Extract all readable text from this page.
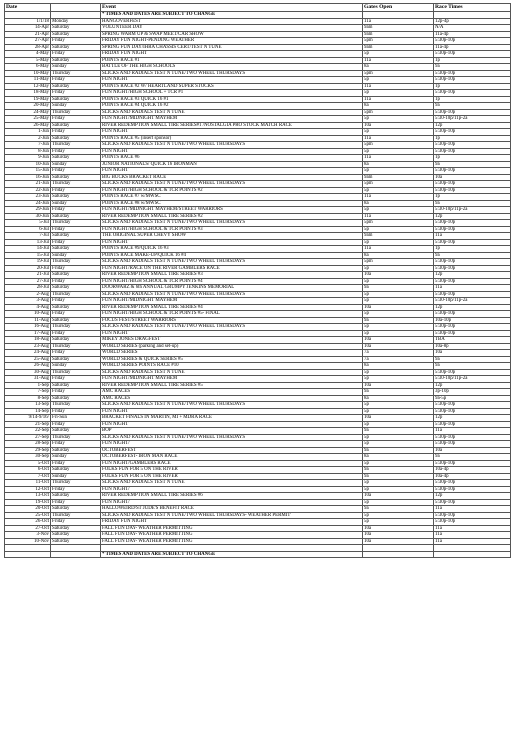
Date		Event	Gates Open	Race Times
		* TIMES AND DATES ARE SUBJECT TO CHANGE		
1/1/18	Monday	HANGOVERFEST	11a	12p-4p
14-Apr	Saturday	VOLUNTEER DAY	9am	N/A
21-Apr	Saturday	SPRING WARM UP & SWAP MEET/CAR SHOW	9am	11a-4p
27-Apr	Friday	FRIDAY FUN NIGHT-PENDING WEATHER	5pm	5:30p-10p
28-Apr	Saturday	SPRING FUN DAY/IHRA CHASSIS CERT/TEST N TUNE	9am	11a-4p
4-May	Friday	FRIDAY FUN NIGHT	5p	5:30p-10p
5-May	Saturday	POINTS RACE #1	11a	1p
6-May	Sunday	BATTLE OF THE HIGH SCHOOLS	8a	9a
10-May	Thursday	SLICKS AND RADIALS TEST N TUNE/TWO WHEEL THURSDAYS	5pm	5:30p-10p
11-May	Friday	FUN NIGHT	5p	5:30p-10p
12-May	Saturday	POINTS RACE #2 W/ HEARTLAND SUPER STOCKS	11a	1p
18-May	Friday	FUN NIGHT/HIGH SCHOOL + TCR #1	5p	5:30p-10p
19-May	Saturday	POINTS RACE #3 QUICK 16 #1	11a	1p
20-May	Sunday	POINTS RACE #4 QUICK 16 #2	8a	9a
24-May	Thursday	SLICKS AND RADIALS TEST N TUNE	5pm	5:30p-10p
25-May	Friday	FUN NIGHT/MIDNIGHT MAYHEM	5p	5:30-10p/11p-2a
26-May	Saturday	RIVER REDEMPTION SMALL TIRE SERIES#1 /NOSTALGIA PRO STOCK MATCH RACE	10a	12p
1-Jun	Friday	FUN NIGHT	5p	5:30p-10p
2-Jun	Saturday	POINTS RACE #5 (insert sponsor)	11a	1p
7-Jun	Thursday	SLICKS AND RADIALS TEST N TUNE/TWO WHEEL THURSDAYS	5pm	5:30p-10p
8-Jun	Friday	FUN NIGHT	5p	5:30p-10p
9-Jun	Saturday	POINTS RACE #6	11a	1p
10-Jun	Sunday	JUNIOR NATIONALS/ QUICK 16 IRONMAN	8a	9a
15-Jun	Friday	FUN NIGHT	5p	5:30p-10p
16-Jun	Saturday	BIG BUCKS BRACKET RACE	9am	10a
21-Jun	Thursday	SLICKS AND RADIALS TEST N TUNE/TWO WHEEL THURSDAYS	5pm	5:30p-10p
22-Jun	Friday	FUN NIGHT/HIGH SCHOOL & TCR POINTS #2	5p	5:30p-10p
23-Jun	Saturday	POINTS RACE #7 w/MWSC	11a	1p
24-Jun	Sunday	POINTS RACE #8 w/MWSC	8a	9a
29-Jun	Friday	FUN NIGHT/MIDNIGHT MAYHEM/STREET WARRIORS	5p	5:30-10p/11p-2a
30-Jun	Saturday	RIVER REDEMPTION SMALL TIRE SERIES #2	11a	12p
5-Jul	Thursday	SLICKS AND RADIALS TEST N TUNE/TWO WHEEL THURSDAYS	5pm	5:30p-10p
6-Jul	Friday	FUN NIGHT/HIGH SCHOOL & TCR POINTS #3	5p	5:30p-10p
7-Jul	Saturday	THE ORIGINAL SUPER CHEVY SHOW	9am	11a
13-Jul	Friday	FUN NIGHT	5p	5:30p-10p
14-Jul	Saturday	POINTS RACE #9/QUICK 16 #3	11a	1p
15-Jul	Sunday	POINTS RACE MAKE-UP/QUICK 16 #4	8a	9a
19-Jul	Thursday	SLICKS AND RADIALS TEST N TUNE/TWO WHEEL THURSDAYS	5pm	5:30p-10p
20-Jul	Friday	FUN NIGHT/RACE ON THE RIVER GAMBLERS RACE	5p	5:30p-10p
21-Jul	Saturday	RIVER REDEMPTION SMALL TIRE SERIES #3	10a	12p
27-Jul	Friday	FUN NIGHT/HIGH SCHOOL & TCR POINTS #4	5p	5:30p-10p
28-Jul	Saturday	DOORWARZ & 6th ANNUAL GRUMPY JENKINS MEMORIAL	9a	11a
2-Aug	Thursday	SLICKS AND RADIALS TEST N TUNE/TWO WHEEL THURSDAYS	5p	5:30p-10p
3-Aug	Friday	FUN NIGHT/MIDNIGHT MAYHEM	5p	5:30-10p/11p-2a
4-Aug	Saturday	RIVER REDEMPTION SMALL TIRE SERIES #4	10a	12p
10-Aug	Friday	FUN NIGHT/HIGH SCHOOL & TCR POINTS #5- FINAL	5p	5:30p-10p
11-Aug	Saturday	FOCUS FEST/STREET WARRIORS	9a	10a-10p
16-Aug	Thursday	SLICKS AND RADIALS TEST N TUNE/TWO WHEEL THURSDAYS	5p	5:30p-10p
17-Aug	Friday	FUN NIGHT	5p	5:30p-10p
18-Aug	Saturday	MIKEY JONES DRAGFEST	10a	TBA
23-Aug	Thursday	WORLD SERIES (parking and set-up)	10a	10a-8p
24-Aug	Friday	WORLD SERIES	7a	10a
25-Aug	Saturday	WORLD SERIES & QUICK SERIES #5	7a	9a
26-Aug	Sunday	WORLD SERIES POINTS RACE #10	8a	9a
30-Aug	Thursday	SLICKS AND RADIALS TEST N TUNE	5p	5:30p-10p
31-Aug	Friday	FUN NIGHT/MIDNIGHT MAYHEM	5p	5:30-10p/11p-2a
1-Sep	Saturday	RIVER REDEMPTION SMALL TIRE SERIES #5	10a	12p
7-Sep	Friday	AMC RACES	9a	3p-10p
8-Sep	Saturday	AMC RACES	8a	9a-5p
13-Sep	Thursday	SLICKS AND RADIALS TEST N TUNE/TWO WHEEL THURSDAYS	5p	5:30p-10p
14-Sep	Friday	FUN NIGHT	5p	5:30p-10p
9/14-9/16/	Fri-Sun	BRACKET FINALS IN MARTIN, MI + MDRA RACE	10a	12p
21-Sep	Friday	FUN NIGHT	5p	5:30p-10p
22-Sep	Saturday	BOP	9a	11a
27-Sep	Thursday	SLICKS AND RADIALS TEST N TUNE/TWO WHEEL THURSDAYS	5p	5:30p-10p
28-Sep	Friday	FUN NIGHT/	5p	5:30p-10p
29-Sep	Saturday	OCTOBERFEST	9a	10a
30-Sep	Sunday	OCTOBERFEST- IRON MAN RACE	8a	9a
5-Oct	Friday	FUN NIGHT/GAMBLERS RACE	5p	5:30p-10p
6-Oct	Saturday	FOLKS FUN FOR 5 ON THE RIVER	9a	10a-4p
7-Oct	Sunday	FOLKS FUN FOR 5 ON THE RIVER	9a	10a-4p
11-Oct	Thursday	SLICKS AND RADIALS TEST N TUNE	5p	5:30p-10p
12-Oct	Friday	FUN NIGHT/	5p	5:30p-10p
13-Oct	Saturday	RIVER REDEMPTION SMALL TIRE SERIES #6	10a	12p
19-Oct	Friday	FUN NIGHT/	5p	5:30p-10p
20-Oct	Saturday	HALLOWEIRD/ST JUDE'S BENEFIT RACE	9a	11a
25-Oct	Thursday	SLICKS AND RADIALS TEST N TUNE/TWO WHEEL THURSDAYS- WEATHER PERMIT'	5p	5:30p-10p
26-Oct	Friday	FRIDAY FUN NIGHT	5p	5:30p-10p
27-Oct	Saturday	FALL FUN DAY- WEATHER PERMITTING	10a	11a
3-Nov	Saturday	FALL FUN DAY- WEATHER PERMITTING	10a	11a
10-Nov	Saturday	FALL FUN DAY- WEATHER PERMITTING	10a	11a

		* TIMES AND DATES ARE SUBJECT TO CHANGE		
